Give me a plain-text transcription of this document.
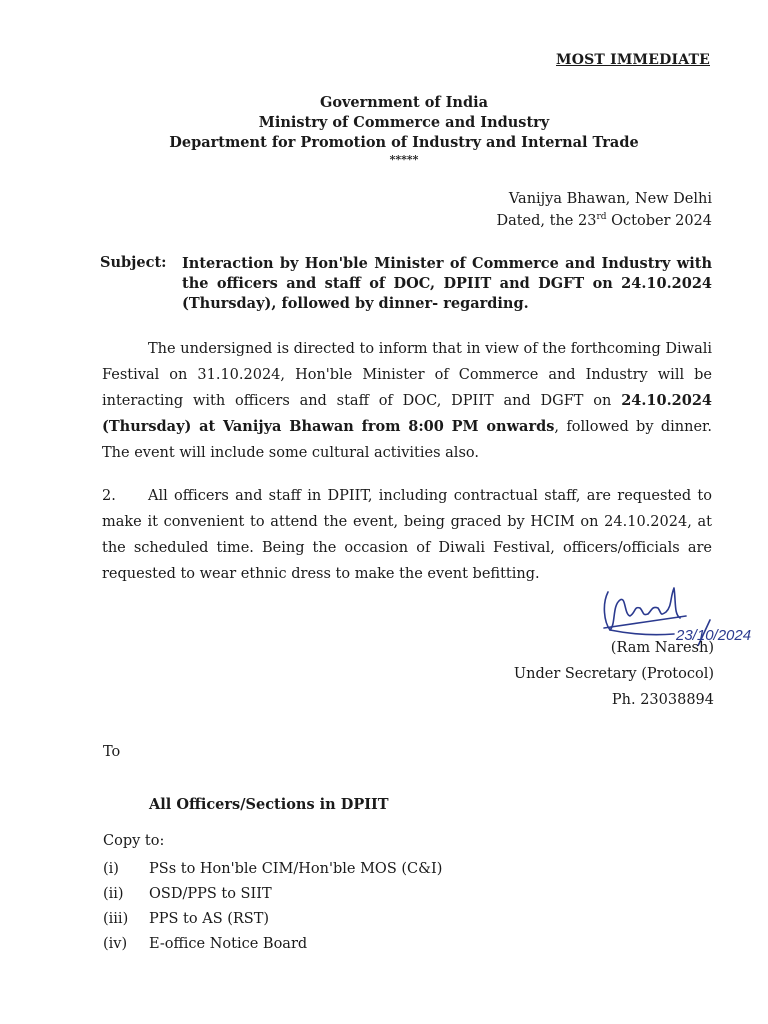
MOST IMMEDIATE
Government of India
Ministry of Commerce and Industry
Department for Promotion of Industry and Internal Trade
*****
Vanijya Bhawan, New Delhi
Dated, the 23rd October 2024
Subject: Interaction by Hon'ble Minister of Commerce and Industry with the officers and staff of DOC, DPIIT and DGFT on 24.10.2024 (Thursday), followed by dinner- regarding.
The undersigned is directed to inform that in view of the forthcoming Diwali Festival on 31.10.2024, Hon'ble Minister of Commerce and Industry will be interacting with officers and staff of DOC, DPIIT and DGFT on 24.10.2024 (Thursday) at Vanijya Bhawan from 8:00 PM onwards, followed by dinner. The event will include some cultural activities also.
2. All officers and staff in DPIIT, including contractual staff, are requested to make it convenient to attend the event, being graced by HCIM on 24.10.2024, at the scheduled time. Being the occasion of Diwali Festival, officers/officials are requested to wear ethnic dress to make the event befitting.
23/10/2024
(Ram Naresh)
Under Secretary (Protocol)
Ph. 23038894
To
All Officers/Sections in DPIIT
Copy to:
(i)	PSs to Hon'ble CIM/Hon'ble MOS (C&I)
(ii)	OSD/PPS to SIIT
(iii)	PPS to AS (RST)
(iv)	E-office Notice Board
